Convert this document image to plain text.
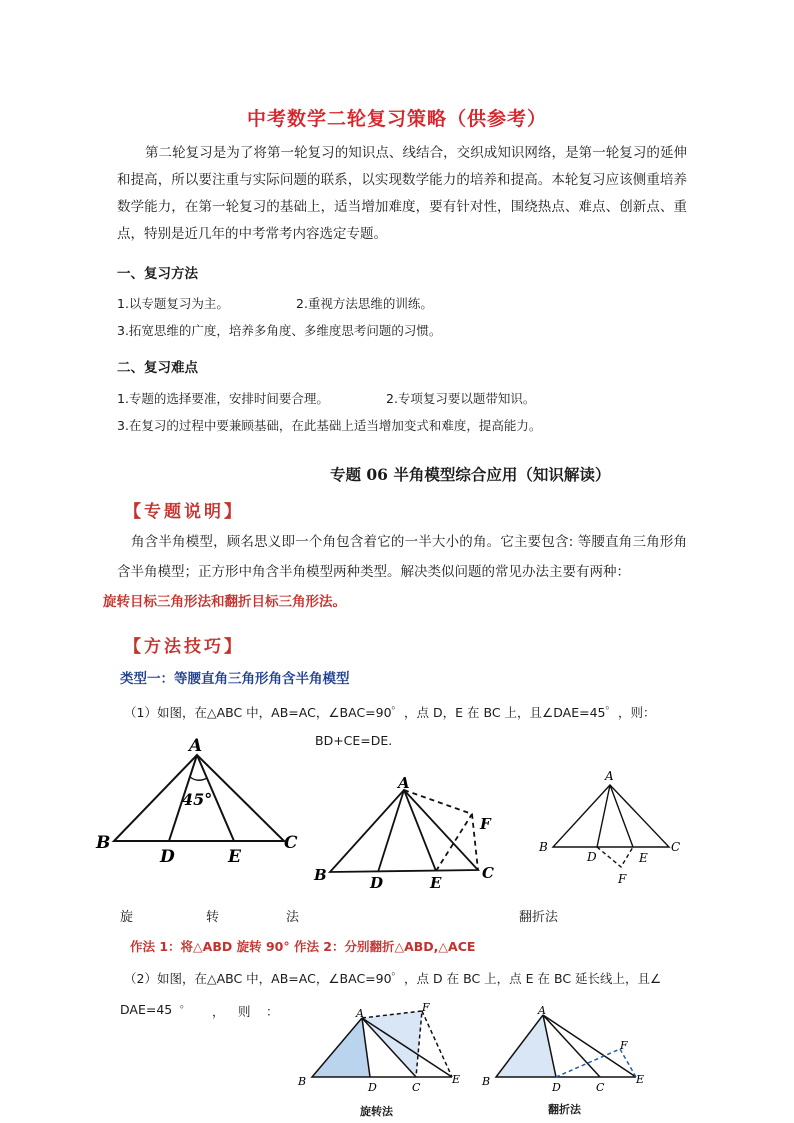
中考数学二轮复习策略（供参考）
第二轮复习是为了将第一轮复习的知识点、线结合，交织成知识网络，是第一轮复习的延伸和提高，所以要注重与实际问题的联系，以实现数学能力的培养和提高。本轮复习应该侧重培养数学能力，在第一轮复习的基础上，适当增加难度，要有针对性，围绕热点、难点、创新点、重点，特别是近几年的中考常考内容选定专题。
一、复习方法
1.以专题复习为主。	2.重视方法思维的训练。
3.拓宽思维的广度，培养多角度、多维度思考问题的习惯。
二、复习难点
1.专题的选择要准，安排时间要合理。	2.专项复习要以题带知识。
3.在复习的过程中要兼顾基础，在此基础上适当增加变式和难度，提高能力。
专题 06 半角模型综合应用（知识解读）
【专题说明】
角含半角模型，顾名思义即一个角包含着它的一半大小的角。它主要包含: 等腰直角三角形角含半角模型；正方形中角含半角模型两种类型。解决类似问题的常见办法主要有两种：
旋转目标三角形法和翻折目标三角形法。
【方法技巧】
类型一：等腰直角三角形角含半角模型
（1）如图，在△ABC 中，AB=AC，∠BAC=90゜，点 D，E 在 BC 上，且∠DAE=45゜，则：
BD+CE=DE.
A
45°
B
D	E
C
A
F
B	D	E
C
A
B
D	E
C
F
旋	转	法	翻折法
作法 1：将△ABD 旋转 90° 作法 2：分别翻折△ABD,△ACE
（2）如图，在△ABC 中，AB=AC，∠BAC=90゜，点 D 在 BC 上，点 E 在 BC 延长线上，且∠
DAE=45 ゜ ， 则 ：	A	F
B	D	C
E
A
F
B	D	C
E
旋转法	翻折法
